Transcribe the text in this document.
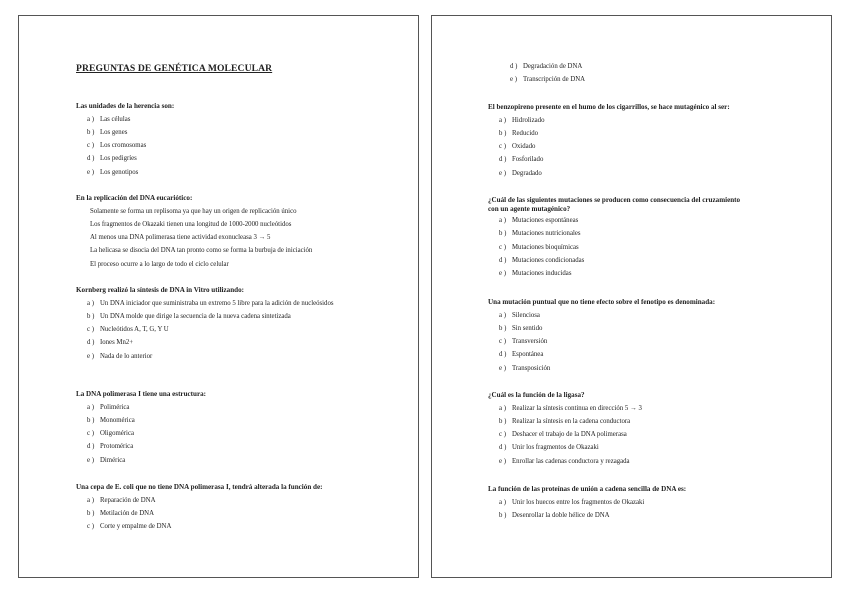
PREGUNTAS DE GENÉTICA MOLECULAR
Las unidades de la herencia son:
a ) Las células
b ) Los genes
c ) Los cromosomas
d ) Los pedigríes
e ) Los genotipos
En la replicación del DNA eucariótico:
Solamente se forma un replisoma ya que hay un origen de replicación único
Los fragmentos de Okazaki tienen una longitud de 1000-2000 nucleótidos
Al menos una DNA polimerasa tiene actividad exonucleasa 3 → 5
La helicasa se disocia del DNA tan pronto como se forma la burbuja de iniciación
El proceso ocurre a lo largo de todo el ciclo celular
Kornberg realizó la síntesis de DNA in Vitro utilizando:
a ) Un DNA iniciador que suministraba un extremo 5 libre para la adición de nucleósidos
b ) Un DNA molde que dirige la secuencia de la nueva cadena sintetizada
c ) Nucleótidos A, T, G, Y U
d ) Iones Mn2+
e ) Nada de lo anterior
La DNA polimerasa I tiene una estructura:
a ) Polimérica
b ) Monomérica
c ) Oligomérica
d ) Protomérica
e ) Dimérica
Una cepa de E. coli que no tiene DNA polimerasa I, tendrá alterada la función de:
a ) Reparación de DNA
b ) Metilación de DNA
c ) Corte y empalme de DNA
d ) Degradación de DNA
e ) Transcripción de DNA
El benzopireno presente en el humo de los cigarrillos, se hace mutagénico al ser:
a ) Hidrolizado
b ) Reducido
c ) Oxidado
d ) Fosforilado
e ) Degradado
¿Cuál de las siguientes mutaciones se producen como consecuencia del cruzamiento con un agente mutagénico?
a ) Mutaciones espontáneas
b ) Mutaciones nutricionales
c ) Mutaciones bioquímicas
d ) Mutaciones condicionadas
e ) Mutaciones inducidas
Una mutación puntual que no tiene efecto sobre el fenotipo es denominada:
a ) Silenciosa
b ) Sin sentido
c ) Transversión
d ) Espontánea
e ) Transposición
¿Cuál es la función de la ligasa?
a ) Realizar la síntesis continua en dirección 5 → 3
b ) Realizar la síntesis en la cadena conductora
c ) Deshacer el trabajo de la DNA polimerasa
d ) Unir los fragmentos de Okazaki
e ) Enrollar las cadenas conductora y rezagada
La función de las proteínas de unión a cadena sencilla de DNA es:
a ) Unir los huecos entre los fragmentos de Okazaki
b ) Desenrollar la doble hélice de DNA
